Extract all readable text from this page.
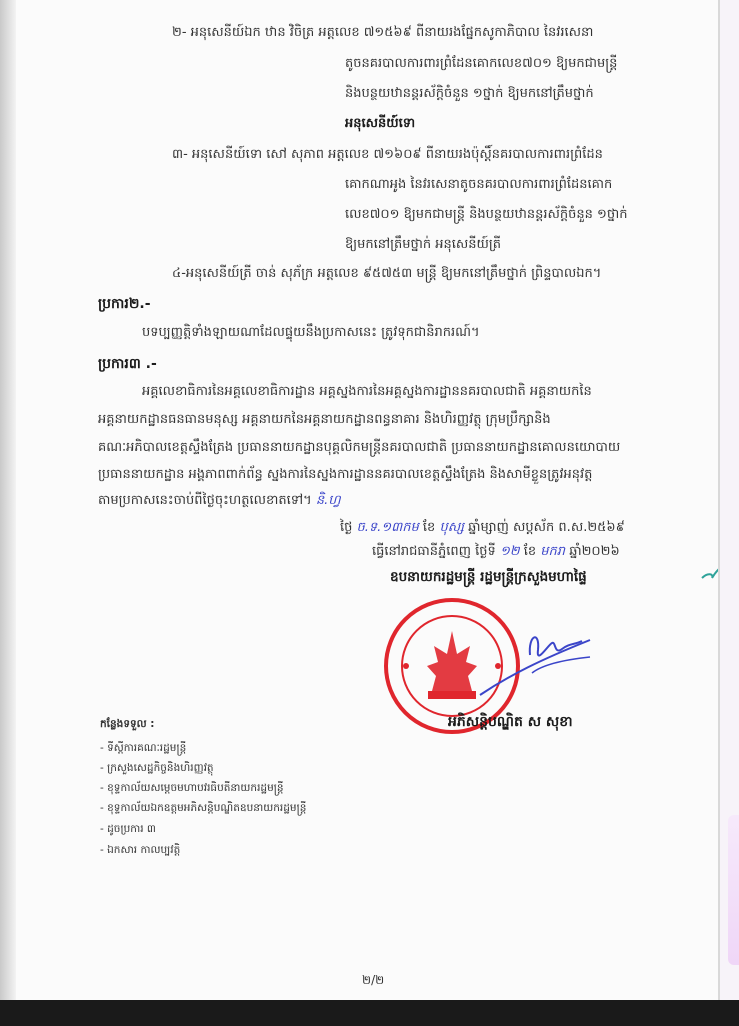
២- អនុសេនីយ៍ឯក ឋាន វិចិត្រ អត្តលេខ ៧១៥៦៩ ពីនាយរងផ្នែកសូកាភិបាល នៃវរសេនា
តូចនគរបាលការពារព្រំដែនគោកលេខ៧០១ ឱ្យមកជាមន្ត្រី
និងបន្ថយឋានន្តរស័ក្តិចំនួន ១ថ្នាក់ ឱ្យមកនៅត្រឹមថ្នាក់
អនុសេនីយ៍ទោ
៣- អនុសេនីយ៍ទោ សៅ សុភាព អត្តលេខ ៧១៦០៩ ពីនាយរងប៉ុស្តិ៍នគរបាលការពារព្រំដែន
គោកណាអូង នៃវរសេនាតូចនគរបាលការពារព្រំដែនគោក
លេខ៧០១ ឱ្យមកជាមន្ត្រី និងបន្ថយឋានន្តរស័ក្តិចំនួន ១ថ្នាក់
ឱ្យមកនៅត្រឹមថ្នាក់ អនុសេនីយ៍ត្រី
៤-អនុសេនីយ៍ត្រី ចាន់ សុភ័ក្រ អត្តលេខ ៩៥៧៥៣ មន្ត្រី ឱ្យមកនៅត្រឹមថ្នាក់ ព្រិន្ទបាលឯក។
ប្រការ២.-
បទប្បញ្ញត្តិទាំងឡាយណាដែលផ្ទុយនឹងប្រកាសនេះ ត្រូវទុកជានិរាករណ៍។
ប្រការ៣ .-
អគ្គលេខាធិការនៃអគ្គលេខាធិការដ្ឋាន អគ្គស្នងការនៃអគ្គស្នងការដ្ឋាននគរបាលជាតិ អគ្គនាយកនៃ
អគ្គនាយកដ្ឋានធនធានមនុស្ស អគ្គនាយកនៃអគ្គនាយកដ្ឋានពន្ធនាគារ និងហិរញ្ញវត្ថុ ក្រុមប្រឹក្សានិង
គណៈអភិបាលខេត្តស្ទឹងត្រែង ប្រធាននាយកដ្ឋានបុគ្គលិកមន្ត្រីនគរបាលជាតិ ប្រធាននាយកដ្ឋានគោលនយោបាយ
ប្រធាននាយកដ្ឋាន អង្គភាពពាក់ព័ន្ធ ស្នងការនៃស្នងការដ្ឋាននគរបាលខេត្តស្ទឹងត្រែង និងសាមីខ្លួនត្រូវអនុវត្ត
តាមប្រកាសនេះចាប់ពីថ្ងៃចុះហត្ថលេខាតទៅ។ និ.ហ្វ
ថ្ងៃ ច.ទ.១៣កម ខែ បុស្ស ឆ្នាំម្សាញ់ សប្តស័ក ព.ស.២៥៦៩
ធ្វើនៅរាជធានីភ្នំពេញ ថ្ងៃទី ១២ ខែ មករា ឆ្នាំ២០២៦
ឧបនាយករដ្ឋមន្ត្រី រដ្ឋមន្ត្រីក្រសួងមហាផ្ទៃ
អភិសន្តិបណ្ឌិត ស សុខា
កន្លែងទទួល :
- ទីស្តីការគណៈរដ្ឋមន្ត្រី
- ក្រសួងសេដ្ឋកិច្ចនិងហិរញ្ញវត្ថុ
- ខុទ្ទកាល័យសម្តេចមហាបវរធិបតីនាយករដ្ឋមន្ត្រី
- ខុទ្ទកាល័យឯកឧត្តមអភិសន្តិបណ្ឌិតឧបនាយករដ្ឋមន្ត្រី
- ដូចប្រការ ៣
- ឯកសារ កាលប្បវត្តិ
២/២
